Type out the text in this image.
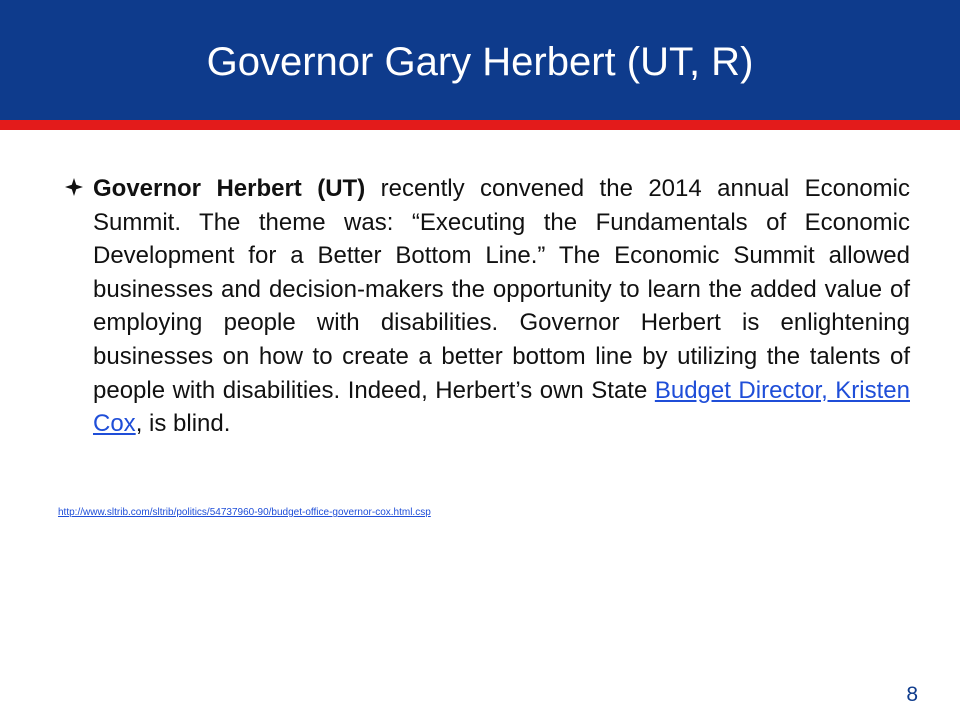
Governor Gary Herbert (UT, R)

Governor Herbert (UT) recently convened the 2014 annual Economic Summit. The theme was: “Executing the Fundamentals of Economic Development for a Better Bottom Line.” The Economic Summit allowed businesses and decision-makers the opportunity to learn the added value of employing people with disabilities. Governor Herbert is enlightening businesses on how to create a better bottom line by utilizing the talents of people with disabilities. Indeed, Herbert’s own State Budget Director, Kristen Cox, is blind.

http://www.sltrib.com/sltrib/politics/54737960-90/budget-office-governor-cox.html.csp
8
